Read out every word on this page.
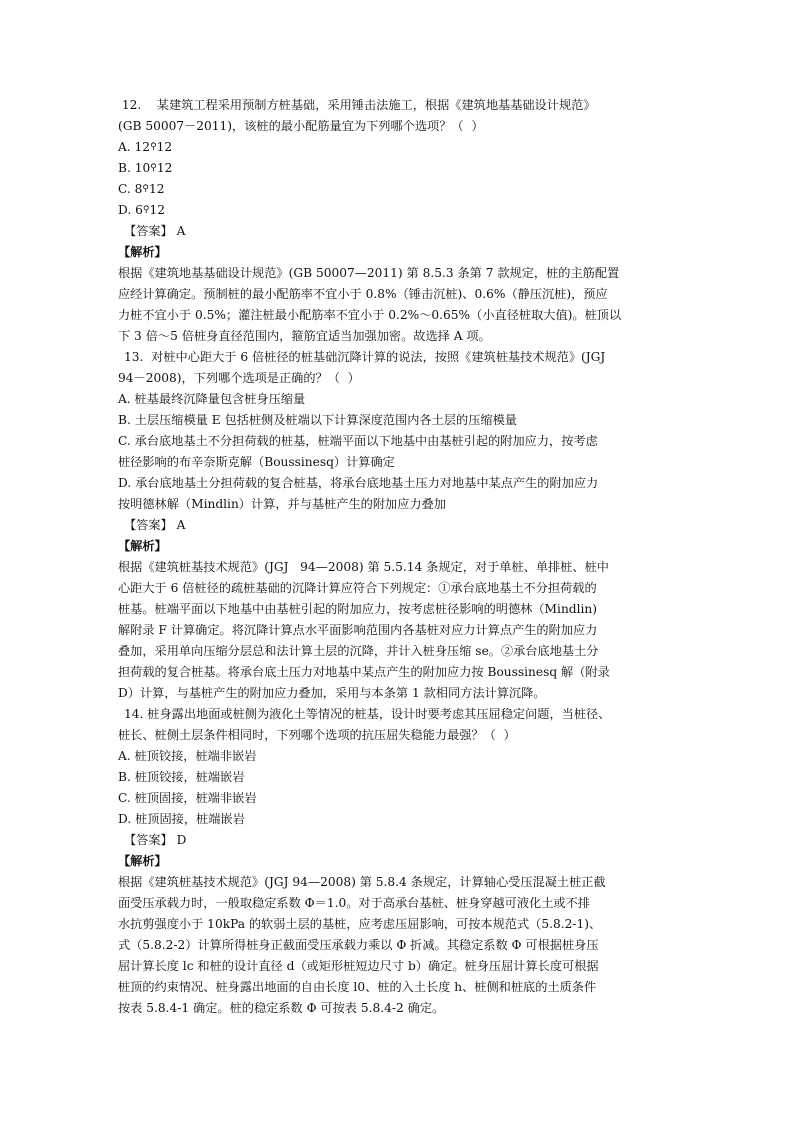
12.    某建筑工程采用预制方桩基础，采用锤击法施工，根据《建筑地基基础设计规范》
(GB 50007－2011)，该桩的最小配筋量宜为下列哪个选项？（  ）
A. 12⚲12
B. 10⚲12
C. 8⚲12
D. 6⚲12
【答案】 A
【解析】
根据《建筑地基基础设计规范》(GB 50007—2011) 第 8.5.3 条第 7 款规定，桩的主筋配置
应经计算确定。预制桩的最小配筋率不宜小于 0.8%（锤击沉桩)、0.6%（静压沉桩)，预应
力桩不宜小于 0.5%；灌注桩最小配筋率不宜小于 0.2%～0.65%（小直径桩取大值)。桩顶以
下 3 倍～5 倍桩身直径范围内，箍筋宜适当加强加密。故选择 A 项。
13.  对桩中心距大于 6 倍桩径的桩基础沉降计算的说法，按照《建筑桩基技术规范》(JGJ
94－2008)，下列哪个选项是正确的？（  ）
A. 桩基最终沉降量包含桩身压缩量
B. 土层压缩模量 E 包括桩侧及桩端以下计算深度范围内各土层的压缩模量
C. 承台底地基土不分担荷载的桩基，桩端平面以下地基中由基桩引起的附加应力，按考虑
桩径影响的布辛奈斯克解（Boussinesq）计算确定
D. 承台底地基土分担荷载的复合桩基，将承台底地基土压力对地基中某点产生的附加应力
按明德林解（Mindlin）计算，并与基桩产生的附加应力叠加
【答案】 A
【解析】
根据《建筑桩基技术规范》(JGJ   94—2008) 第 5.5.14 条规定，对于单桩、单排桩、桩中
心距大于 6 倍桩径的疏桩基础的沉降计算应符合下列规定：①承台底地基土不分担荷载的
桩基。桩端平面以下地基中由基桩引起的附加应力，按考虑桩径影响的明德林（Mindlin)
解附录 F 计算确定。将沉降计算点水平面影响范围内各基桩对应力计算点产生的附加应力
叠加，采用单向压缩分层总和法计算土层的沉降，并计入桩身压缩 se。②承台底地基土分
担荷载的复合桩基。将承台底土压力对地基中某点产生的附加应力按 Boussinesq 解（附录
D）计算，与基桩产生的附加应力叠加，采用与本条第 1 款相同方法计算沉降。
14. 桩身露出地面或桩侧为液化土等情况的桩基，设计时要考虑其压屈稳定问题，当桩径、
桩长、桩侧土层条件相同时，下列哪个选项的抗压屈失稳能力最强？（  ）
A. 桩顶铰接，桩端非嵌岩
B. 桩顶铰接，桩端嵌岩
C. 桩顶固接，桩端非嵌岩
D. 桩顶固接，桩端嵌岩
【答案】 D
【解析】
根据《建筑桩基技术规范》(JGJ 94—2008) 第 5.8.4 条规定，计算轴心受压混凝土桩正截
面受压承载力时，一般取稳定系数 Φ＝1.0。对于高承台基桩、桩身穿越可液化土或不排
水抗剪强度小于 10kPa 的软弱土层的基桩，应考虑压屈影响，可按本规范式（5.8.2-1)、
式（5.8.2-2）计算所得桩身正截面受压承载力乘以 Φ 折减。其稳定系数 Φ 可根据桩身压
屈计算长度 lc 和桩的设计直径 d（或矩形桩短边尺寸 b）确定。桩身压屈计算长度可根据
桩顶的约束情况、桩身露出地面的自由长度 l0、桩的入土长度 h、桩侧和桩底的土质条件
按表 5.8.4-1 确定。桩的稳定系数 Φ 可按表 5.8.4-2 确定。
